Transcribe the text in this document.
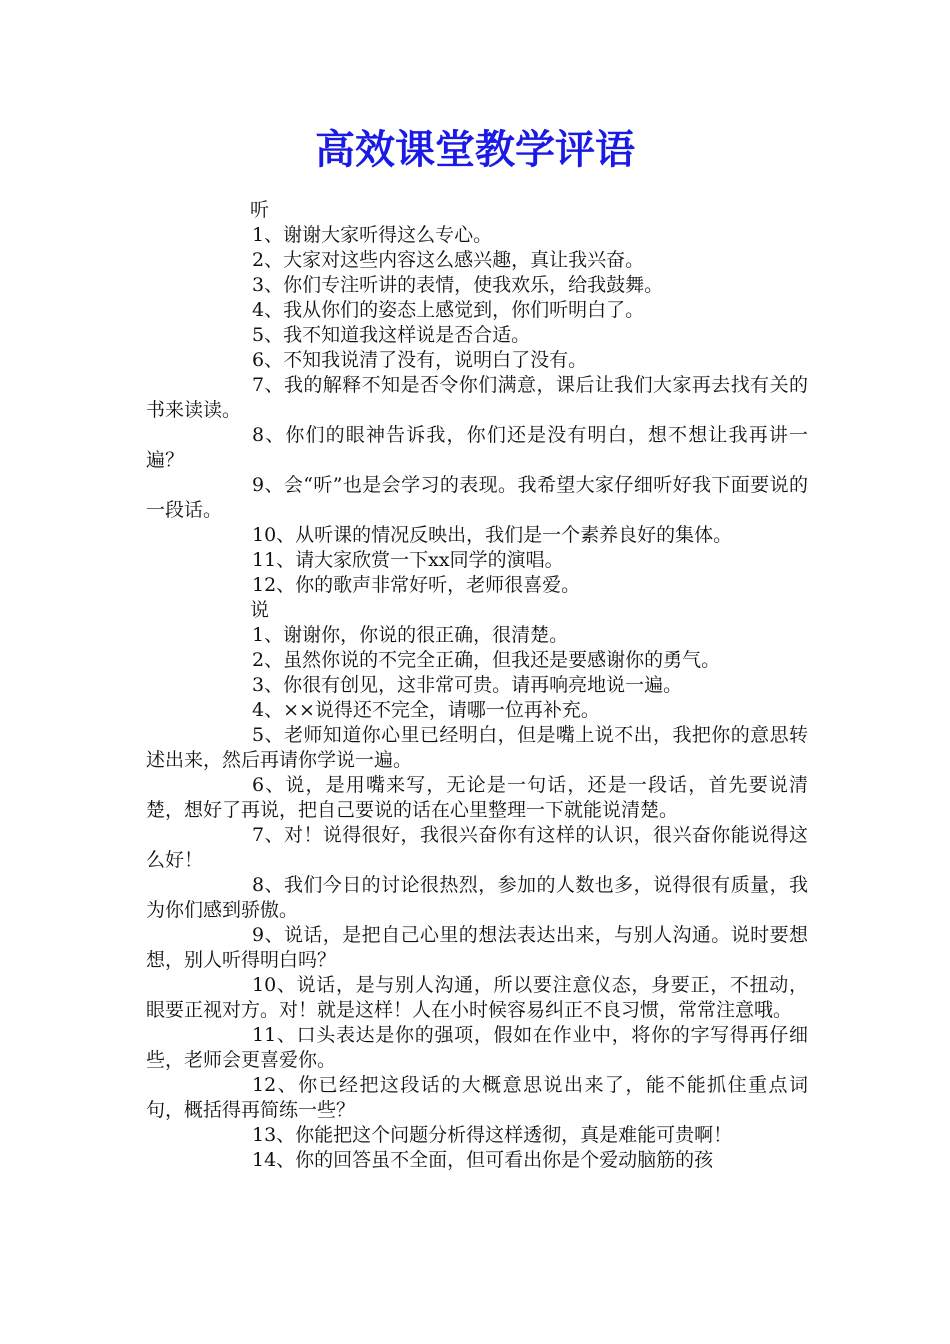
高效课堂教学评语

听

1、谢谢大家听得这么专心。

2、大家对这些内容这么感兴趣，真让我兴奋。

3、你们专注听讲的表情，使我欢乐，给我鼓舞。

4、我从你们的姿态上感觉到，你们听明白了。

5、我不知道我这样说是否合适。

6、不知我说清了没有，说明白了没有。

7、我的解释不知是否令你们满意，课后让我们大家再去找有关的书来读读。

8、你们的眼神告诉我，你们还是没有明白，想不想让我再讲一遍？

9、会“听”也是会学习的表现。我希望大家仔细听好我下面要说的一段话。

10、从听课的情况反映出，我们是一个素养良好的集体。

11、请大家欣赏一下xx同学的演唱。

12、你的歌声非常好听，老师很喜爱。

说

1、谢谢你，你说的很正确，很清楚。

2、虽然你说的不完全正确，但我还是要感谢你的勇气。

3、你很有创见，这非常可贵。请再响亮地说一遍。

4、××说得还不完全，请哪一位再补充。

5、老师知道你心里已经明白，但是嘴上说不出，我把你的意思转述出来，然后再请你学说一遍。

6、说，是用嘴来写，无论是一句话，还是一段话，首先要说清楚，想好了再说，把自己要说的话在心里整理一下就能说清楚。

7、对！说得很好，我很兴奋你有这样的认识，很兴奋你能说得这么好！

8、我们今日的讨论很热烈，参加的人数也多，说得很有质量，我为你们感到骄傲。

9、说话，是把自己心里的想法表达出来，与别人沟通。说时要想想，别人听得明白吗？

10、说话，是与别人沟通，所以要注意仪态，身要正，不扭动，眼要正视对方。对！就是这样！人在小时候容易纠正不良习惯，常常注意哦。

11、口头表达是你的强项，假如在作业中，将你的字写得再仔细些，老师会更喜爱你。

12、你已经把这段话的大概意思说出来了，能不能抓住重点词句，概括得再简练一些？

13、你能把这个问题分析得这样透彻，真是难能可贵啊！

14、你的回答虽不全面，但可看出你是个爱动脑筋的孩
